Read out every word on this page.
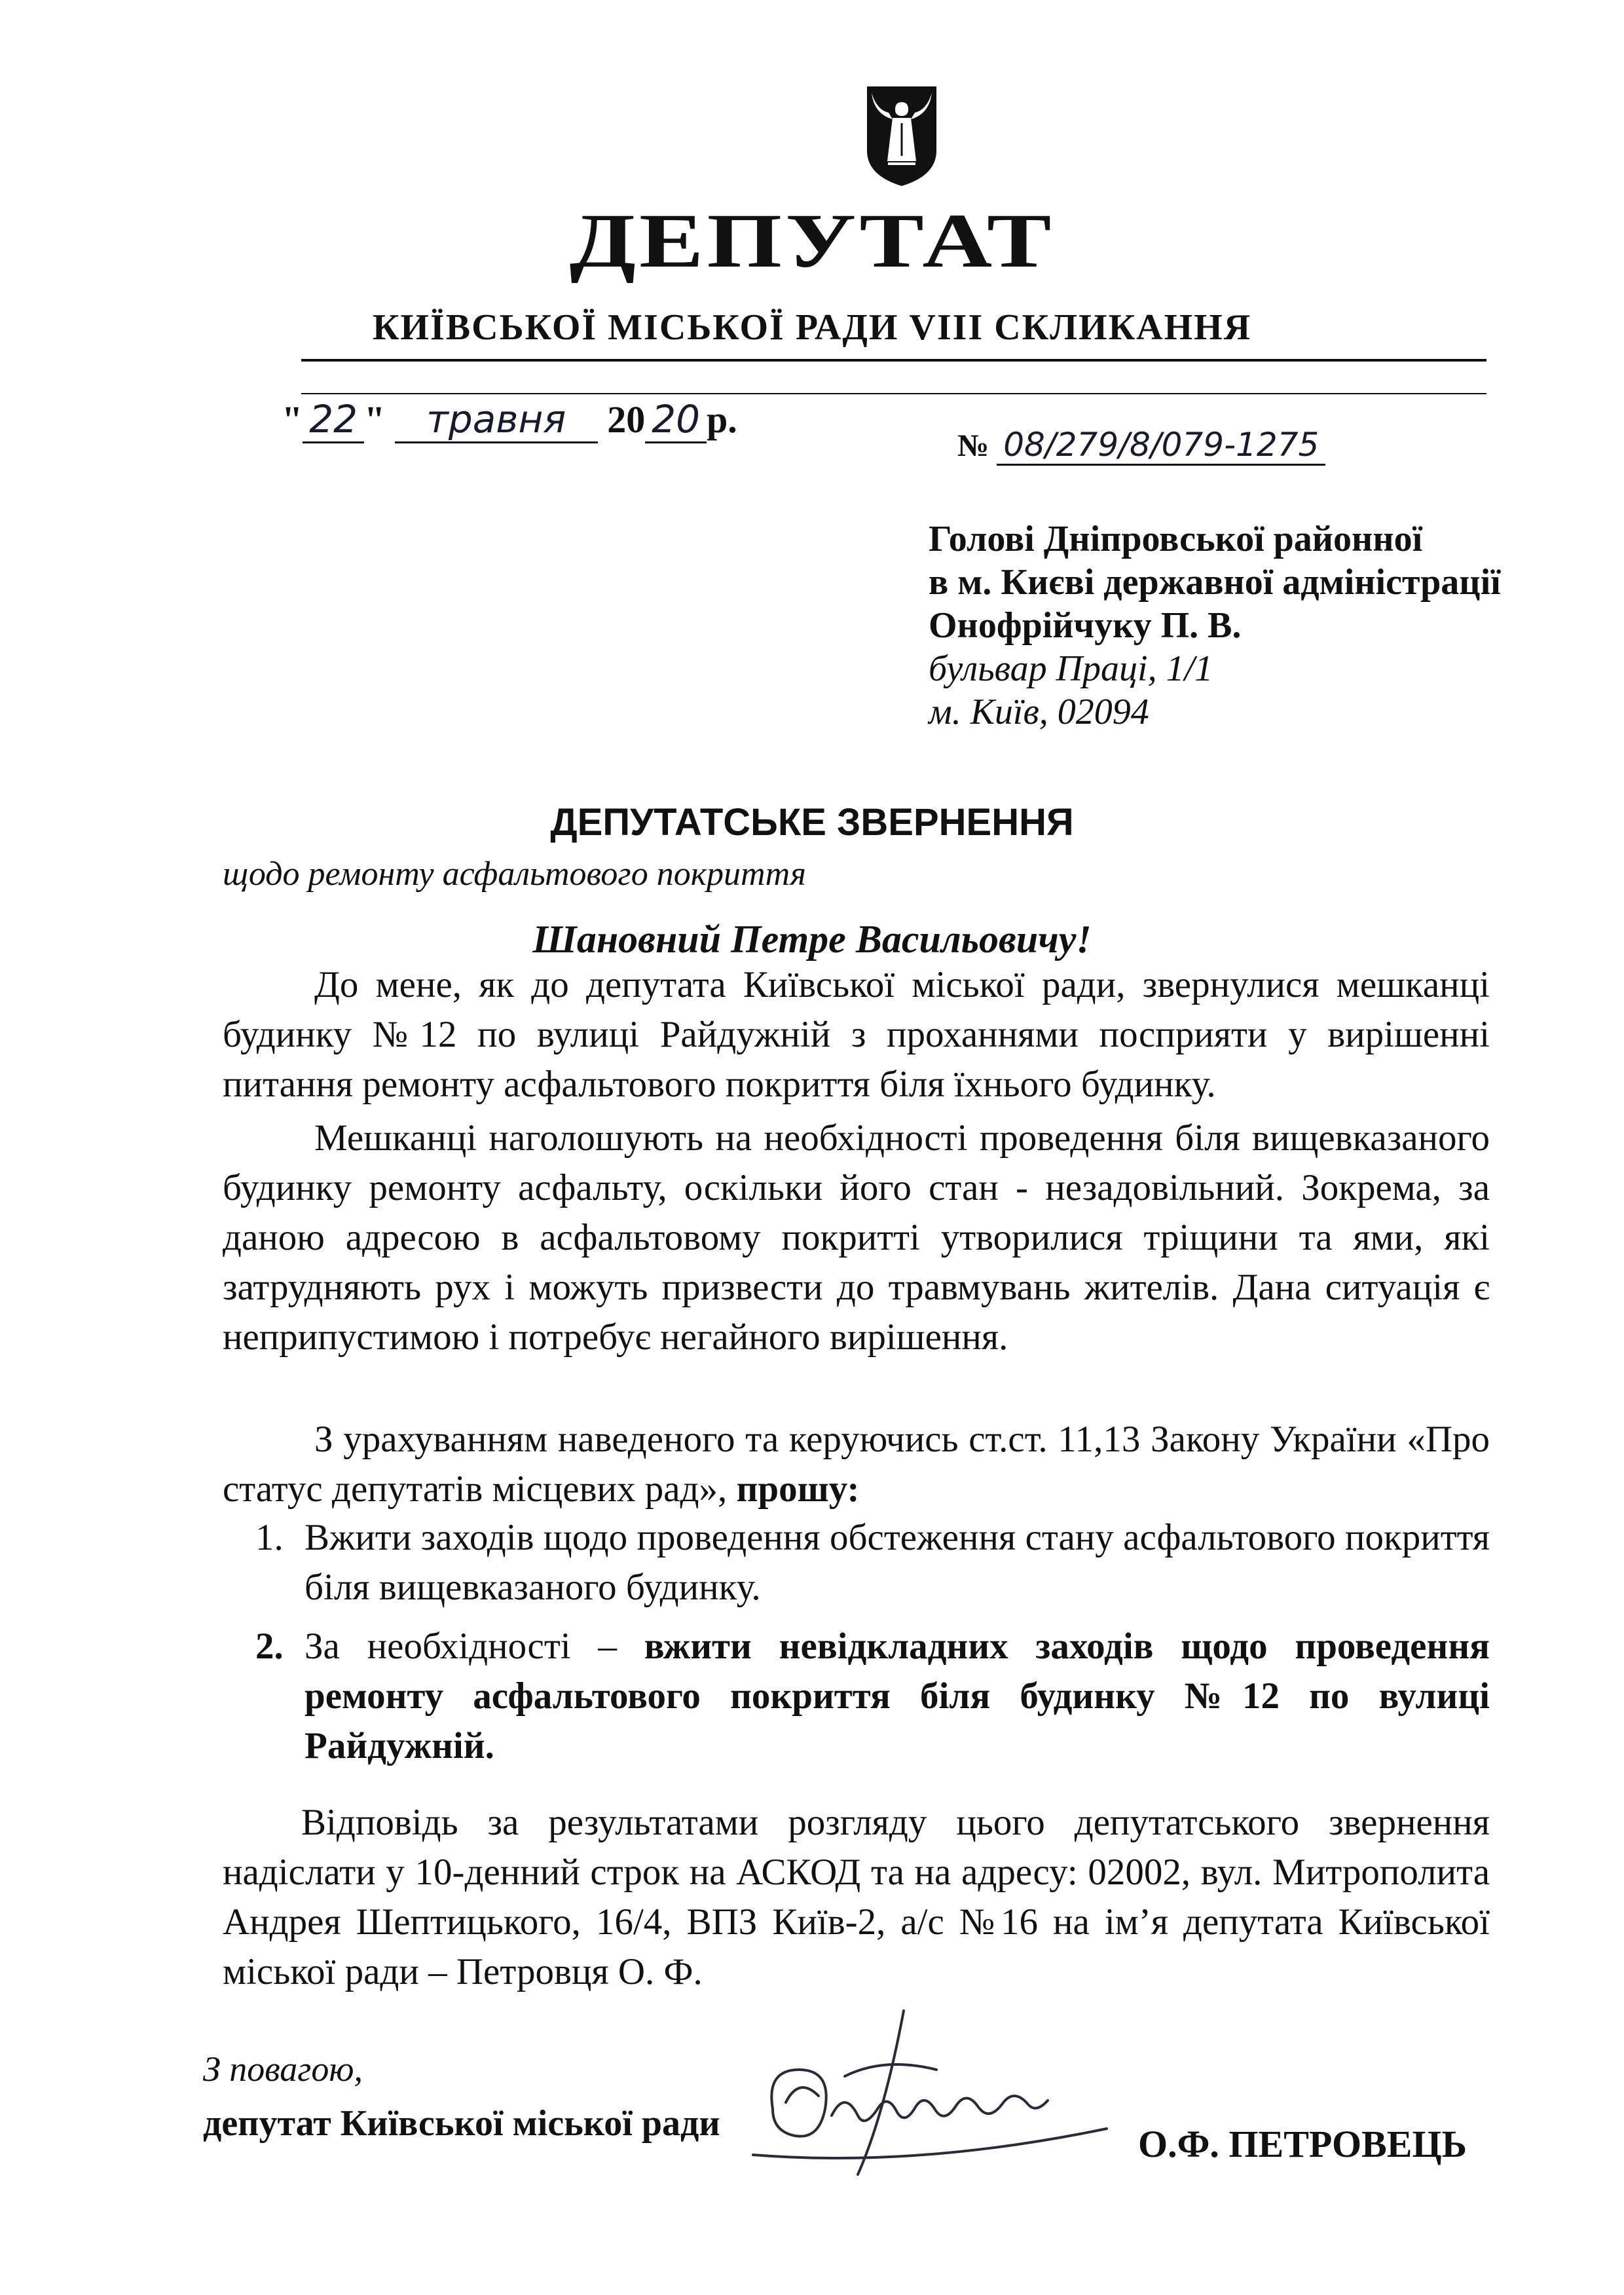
ДЕПУТАТ
КИЇВСЬКОЇ МІСЬКОЇ РАДИ VIII СКЛИКАННЯ
" 22 " травня 20 20 р.
№ 08/279/8/079-1275
Голові Дніпровської районної
в м. Києві державної адміністрації
Онофрійчуку П. В.
бульвар Праці, 1/1
м. Київ, 02094
ДЕПУТАТСЬКЕ ЗВЕРНЕННЯ
щодо ремонту асфальтового покриття
Шановний Петре Васильовичу!
До мене, як до депутата Київської міської ради, звернулися мешканці будинку №12 по вулиці Райдужній з проханнями посприяти у вирішенні питання ремонту асфальтового покриття біля їхнього будинку.
Мешканці наголошують на необхідності проведення біля вищевказаного будинку ремонту асфальту, оскільки його стан - незадовільний. Зокрема, за даною адресою в асфальтовому покритті утворилися тріщини та ями, які затрудняють рух і можуть призвести до травмувань жителів. Дана ситуація є неприпустимою і потребує негайного вирішення.
З урахуванням наведеного та керуючись ст.ст. 11,13 Закону України «Про статус депутатів місцевих рад», прошу:
1. Вжити заходів щодо проведення обстеження стану асфальтового покриття біля вищевказаного будинку.
2. За необхідності – вжити невідкладних заходів щодо проведення ремонту асфальтового покриття біля будинку №12 по вулиці Райдужній.
Відповідь за результатами розгляду цього депутатського звернення надіслати у 10-денний строк на АСКОД та на адресу: 02002, вул. Митрополита Андрея Шептицького, 16/4, ВПЗ Київ-2, а/с №16 на ім’я депутата Київської міської ради – Петровця О. Ф.
З повагою,
депутат Київської міської ради	О.Ф. ПЕТРОВЕЦЬ
